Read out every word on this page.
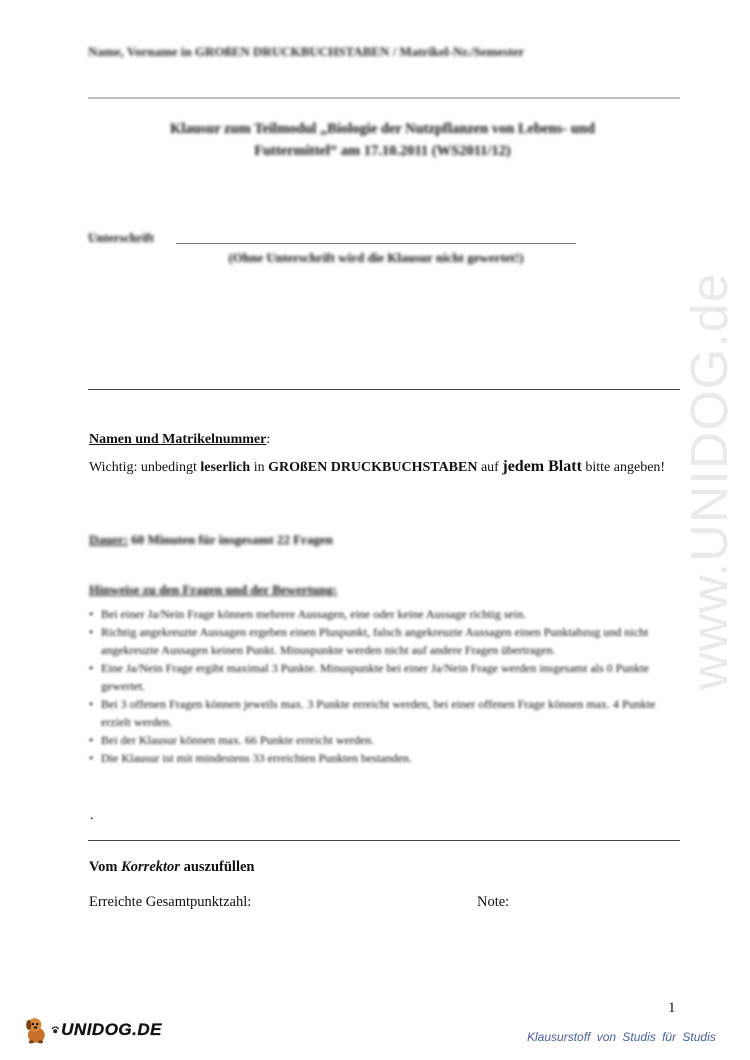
www.UNIDOG.de
Name, Vorname in GROßEN DRUCKBUCHSTABEN / Matrikel-Nr./Semester
Klausur zum Teilmodul „Biologie der Nutzpflanzen von Lebens- und
Futtermittel“ am 17.10.2011 (WS2011/12)
Unterschrift
(Ohne Unterschrift wird die Klausur nicht gewertet!)
Namen und Matrikelnummer:
Wichtig: unbedingt leserlich in GROßEN DRUCKBUCHSTABEN auf jedem Blatt bitte angeben!
Dauer: 60 Minuten für insgesamt 22 Fragen
Hinweise zu den Fragen und der Bewertung:
• Bei einer Ja/Nein Frage können mehrere Aussagen, eine oder keine Aussage richtig sein.
• Richtig angekreuzte Aussagen ergeben einen Pluspunkt, falsch angekreuzte Aussagen einen Punktabzug und nicht angekreuzte Aussagen keinen Punkt. Minuspunkte werden nicht auf andere Fragen übertragen.
• Eine Ja/Nein Frage ergibt maximal 3 Punkte. Minuspunkte bei einer Ja/Nein Frage werden insgesamt als 0 Punkte gewertet.
• Bei 3 offenen Fragen können jeweils max. 3 Punkte erreicht werden, bei einer offenen Frage können max. 4 Punkte erzielt werden.
• Bei der Klausur können max. 66 Punkte erreicht werden.
• Die Klausur ist mit mindestens 33 erreichten Punkten bestanden.
.
Vom Korrektor auszufüllen
Erreichte Gesamtpunktzahl:	Note:
1
UNIDOG.DE	Klausurstoff von Studis für Studis
